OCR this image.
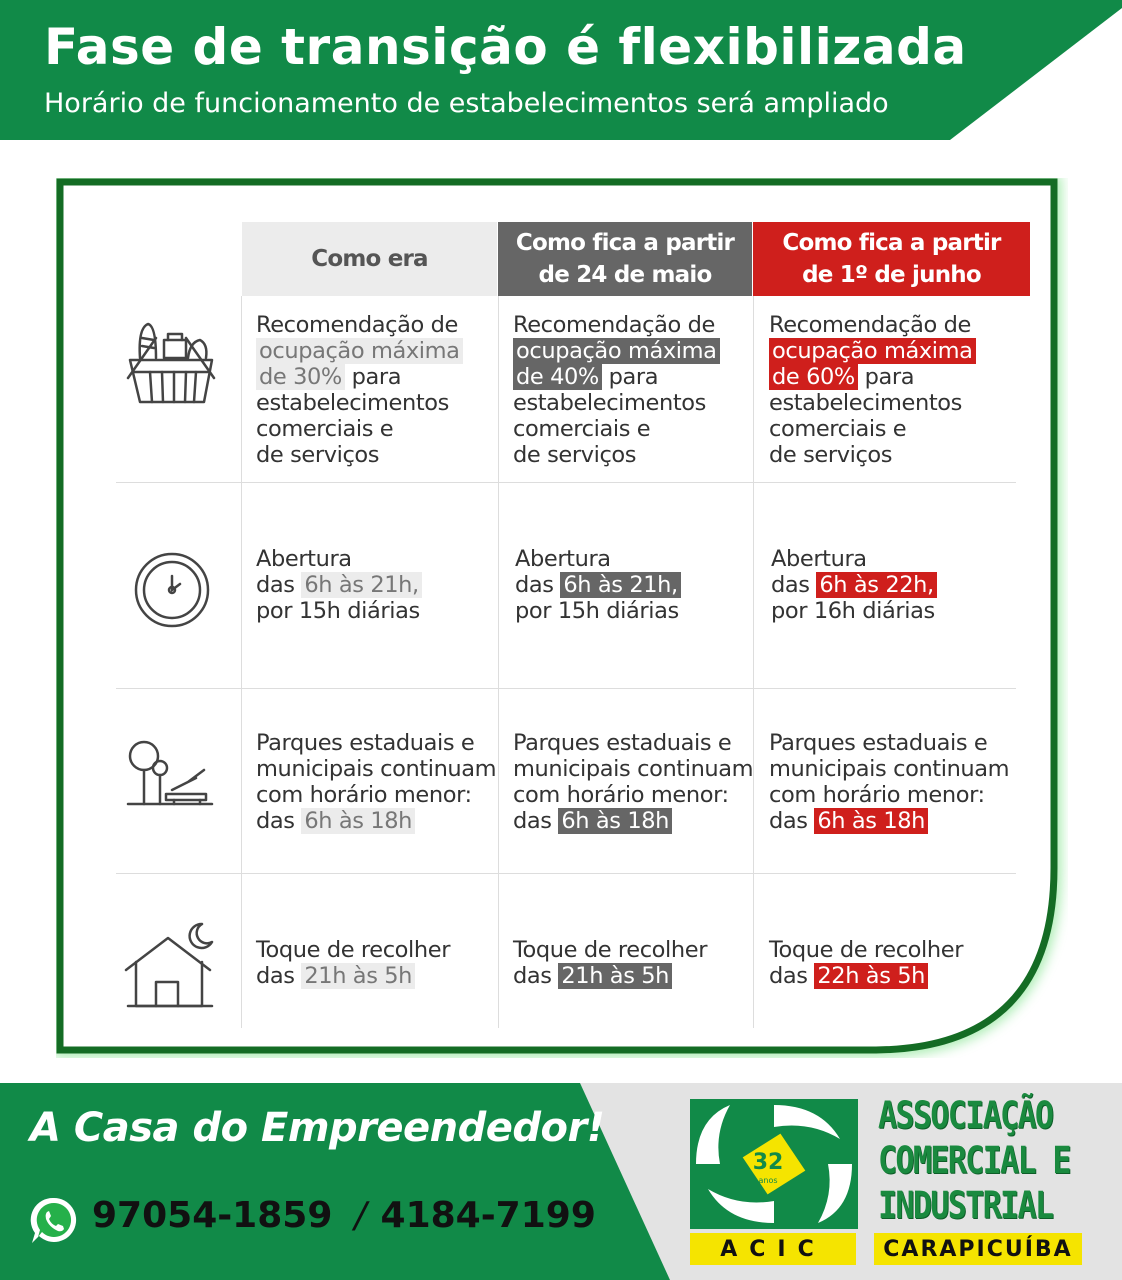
Fase de transição é flexibilizada
Horário de funcionamento de estabelecimentos será ampliado
Como era
Como fica a partir
de 24 de maio
Como fica a partir
de 1º de junho
Recomendação de
ocupação máxima
de 30% para
estabelecimentos
comerciais e
de serviços
Recomendação de
ocupação máxima
de 40% para
estabelecimentos
comerciais e
de serviços
Recomendação de
ocupação máxima
de 60% para
estabelecimentos
comerciais e
de serviços
Abertura
das 6h às 21h,
por 15h diárias
Abertura
das 6h às 21h,
por 15h diárias
Abertura
das 6h às 22h,
por 16h diárias
Parques estaduais e
municipais continuam
com horário menor:
das 6h às 18h
Parques estaduais e
municipais continuam
com horário menor:
das 6h às 18h
Parques estaduais e
municipais continuam
com horário menor:
das 6h às 18h
Toque de recolher
das 21h às 5h
Toque de recolher
das 21h às 5h
Toque de recolher
das 22h às 5h
A Casa do Empreendedor!
97054-1859 / 4184-7199
32
anos
ACIC
ASSOCIAÇÃO
COMERCIAL E
INDUSTRIAL
CARAPICUÍBA
